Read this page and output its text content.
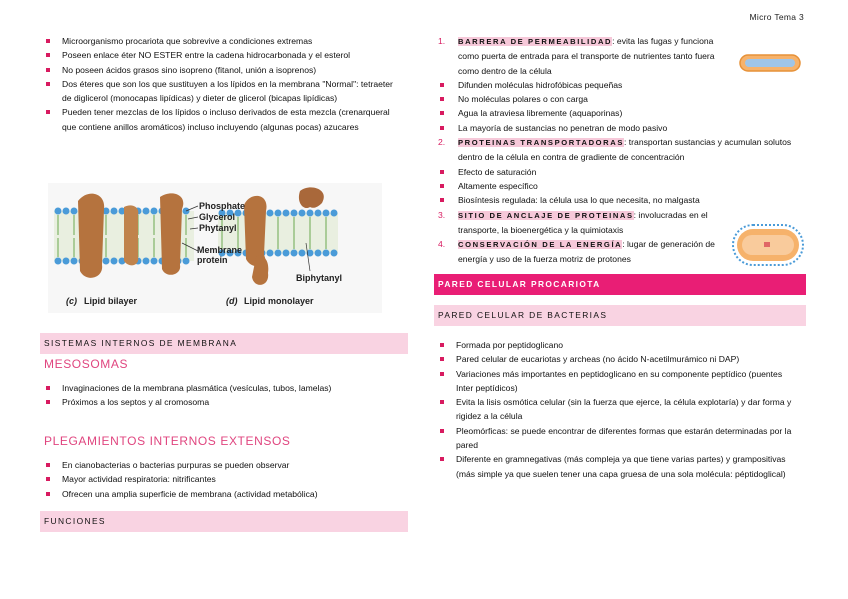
Micro Tema 3
Microorganismo procariota que sobrevive a condiciones extremas
Poseen enlace éter NO ESTER entre la cadena hidrocarbonada y el esterol
No poseen ácidos grasos sino isopreno (fitanol, unión a isoprenos)
Dos éteres que son los que sustituyen a los lípidos en la membrana "Normal": tetraeter de diglicerol (monocapas lipídicas) y dieter de glicerol (bicapas lipídicas)
Pueden tener mezclas de los lípidos o incluso derivados de esta mezcla (crenarqueral que contiene anillos aromáticos) incluso incluyendo (algunas pocas) azucares
Phosphate
Glycerol
Phytanyl
Membrane protein
Biphytanyl
(c) Lipid bilayer	(d) Lipid monolayer
SISTEMAS INTERNOS DE MEMBRANA
MESOSOMAS
Invaginaciones de la membrana plasmática (vesículas, tubos, lamelas)
Próximos a los septos y al cromosoma
PLEGAMIENTOS INTERNOS EXTENSOS
En cianobacterias o bacterias purpuras se pueden observar
Mayor actividad respiratoria: nitrificantes
Ofrecen una amplia superficie de membrana (actividad metabólica)
FUNCIONES
1. BARRERA DE PERMEABILIDAD: evita las fugas y funciona como puerta de entrada para el transporte de nutrientes tanto fuera como dentro de la célula
Difunden moléculas hidrofóbicas pequeñas
No moléculas polares o con carga
Agua la atraviesa libremente (aquaporinas)
La mayoría de sustancias no penetran de modo pasivo
2. PROTEINAS TRANSPORTADORAS: transportan sustancias y acumulan solutos dentro de la célula en contra de gradiente de concentración
Efecto de saturación
Altamente específico
Biosíntesis regulada: la célula usa lo que necesita, no malgasta
3. SITIO DE ANCLAJE DE PROTEINAS: involucradas en el transporte, la bioenergética y la quimiotaxis
4. CONSERVACIÓN DE LA ENERGÍA: lugar de generación de energía y uso de la fuerza motriz de protones
PARED CELULAR PROCARIOTA
PARED CELULAR DE BACTERIAS
Formada por peptidoglicano
Pared celular de eucariotas y archeas (no ácido N-acetilmurámico ni DAP)
Variaciones más importantes en peptidoglicano en su componente peptídico (puentes Inter peptídicos)
Evita la lisis osmótica celular (sin la fuerza que ejerce, la célula explotaría) y dar forma y rigidez a la célula
Pleomórficas: se puede encontrar de diferentes formas que estarán determinadas por la pared
Diferente en gramnegativas (más compleja ya que tiene varias partes) y grampositivas (más simple ya que suelen tener una capa gruesa de una sola molécula: péptidoglical)
